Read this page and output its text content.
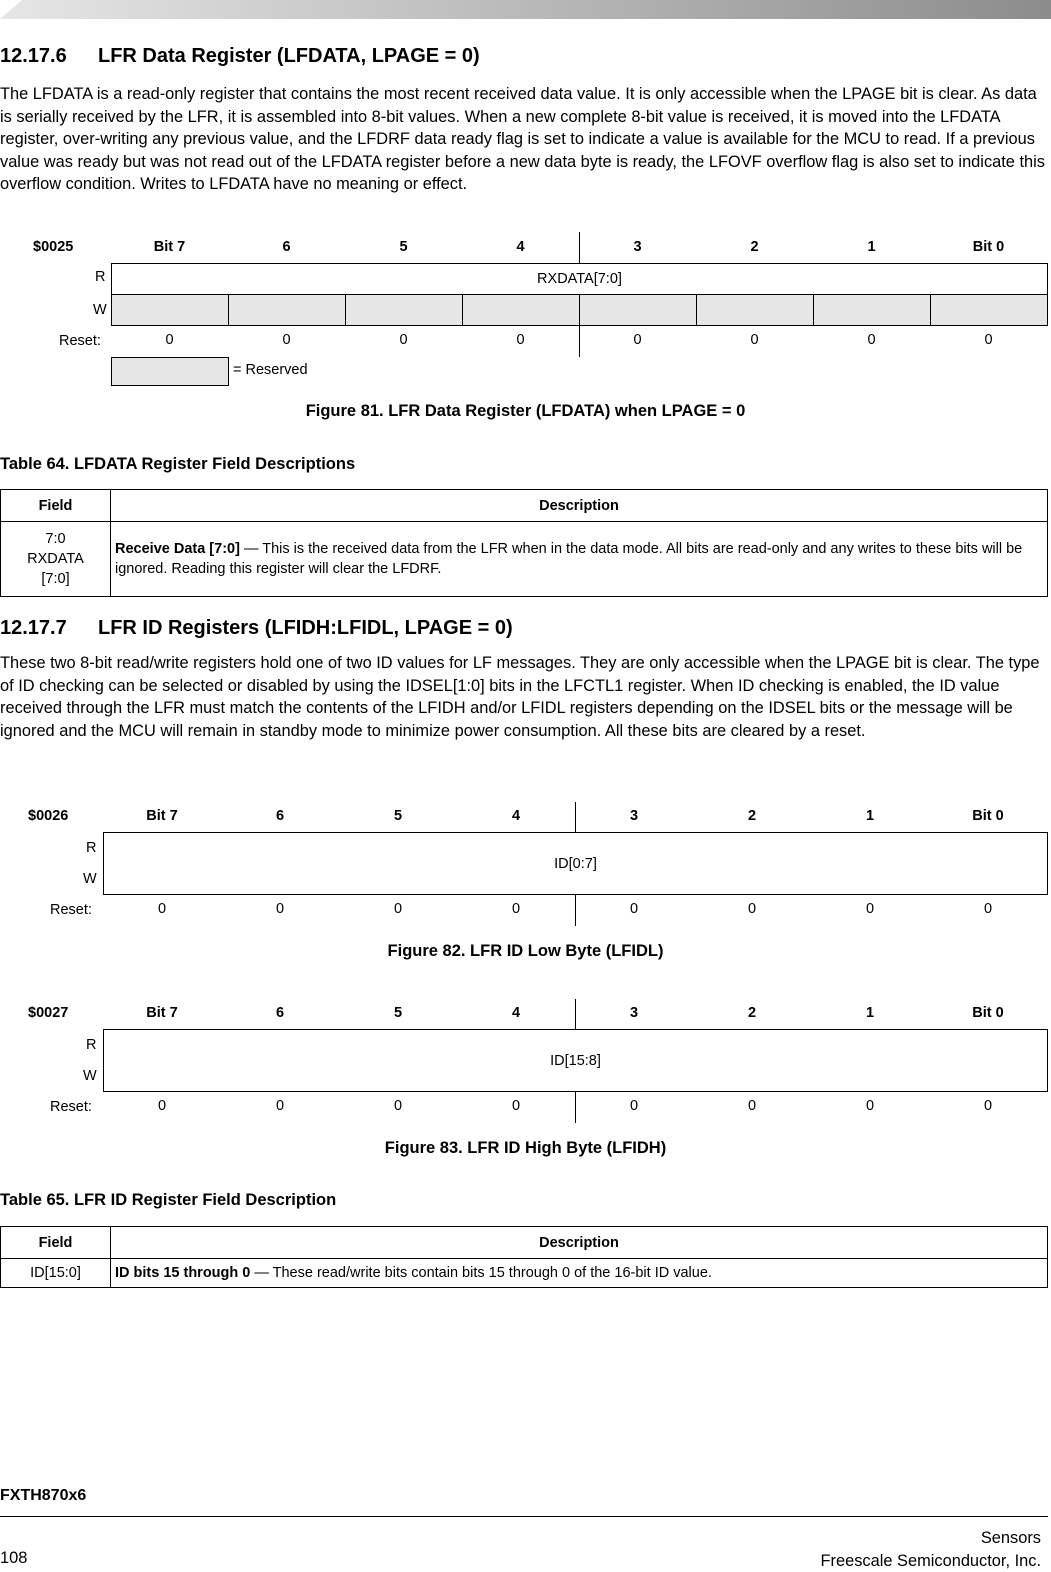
12.17.6 LFR Data Register (LFDATA, LPAGE = 0)
The LFDATA is a read-only register that contains the most recent received data value. It is only accessible when the LPAGE bit is clear. As data is serially received by the LFR, it is assembled into 8-bit values. When a new complete 8-bit value is received, it is moved into the LFDATA register, over-writing any previous value, and the LFDRF data ready flag is set to indicate a value is available for the MCU to read. If a previous value was ready but was not read out of the LFDATA register before a new data byte is ready, the LFOVF overflow flag is also set to indicate this overflow condition. Writes to LFDATA have no meaning or effect.
$0025	Bit 7	6	5	4	3	2	1	Bit 0
R	RXDATA[7:0]
W
Reset:	0	0	0	0	0	0	0	0
= Reserved
Figure 81. LFR Data Register (LFDATA) when LPAGE = 0
Table 64. LFDATA Register Field Descriptions
Field	Description

7:0
RXDATA
[7:0]	Receive Data [7:0] — This is the received data from the LFR when in the data mode. All bits are read-only and any writes to these bits will be ignored. Reading this register will clear the LFDRF.
12.17.7 LFR ID Registers (LFIDH:LFIDL, LPAGE = 0)
These two 8-bit read/write registers hold one of two ID values for LF messages. They are only accessible when the LPAGE bit is clear. The type of ID checking can be selected or disabled by using the IDSEL[1:0] bits in the LFCTL1 register. When ID checking is enabled, the ID value received through the LFR must match the contents of the LFIDH and/or LFIDL registers depending on the IDSEL bits or the message will be ignored and the MCU will remain in standby mode to minimize power consumption. All these bits are cleared by a reset.
$0026	Bit 7	6	5	4	3	2	1	Bit 0
R
W
ID[0:7]
Reset:	0	0	0	0	0	0	0	0
Figure 82. LFR ID Low Byte (LFIDL)
$0027	Bit 7	6	5	4	3	2	1	Bit 0
R
W
ID[15:8]
Reset:	0	0	0	0	0	0	0	0
Figure 83. LFR ID High Byte (LFIDH)
Table 65. LFR ID Register Field Description
Field	Description
ID[15:0]	ID bits 15 through 0 — These read/write bits contain bits 15 through 0 of the 16-bit ID value.
FXTH870x6
108
Sensors
Freescale Semiconductor, Inc.
